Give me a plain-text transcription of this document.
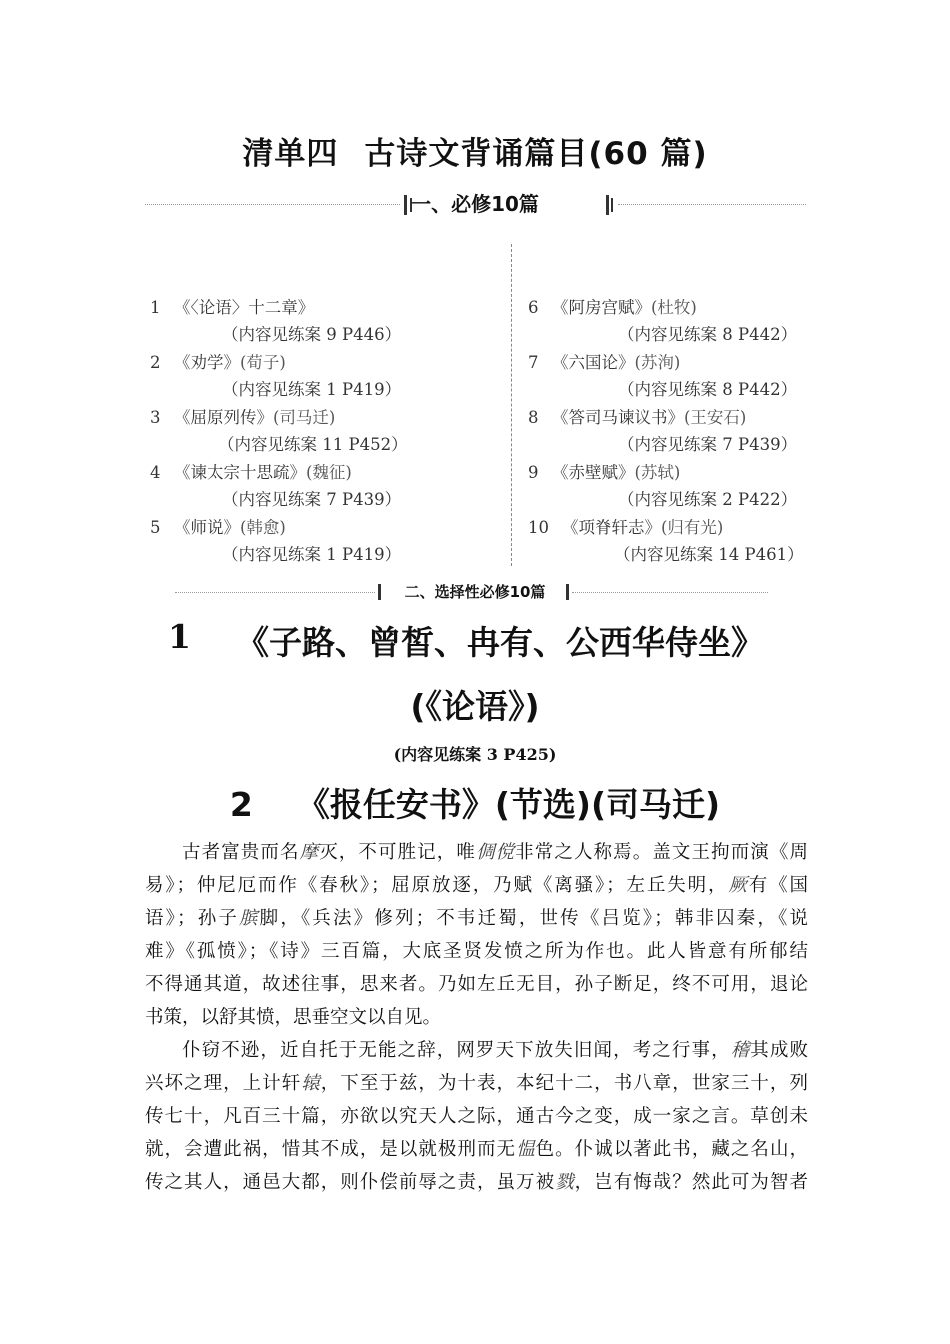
清单四 古诗文背诵篇目(60 篇)
一、必修10篇
1 《〈论语〉十二章》
（内容见练案 9 P446）
2 《劝学》(荀子)
（内容见练案 1 P419）
3 《屈原列传》(司马迁)
（内容见练案 11 P452）
4 《谏太宗十思疏》(魏征)
（内容见练案 7 P439）
5 《师说》(韩愈)
（内容见练案 1 P419）
6 《阿房宫赋》(杜牧)
（内容见练案 8 P442）
7 《六国论》(苏洵)
（内容见练案 8 P442）
8 《答司马谏议书》(王安石)
（内容见练案 7 P439）
9 《赤壁赋》(苏轼)
（内容见练案 2 P422）
10 《项脊轩志》(归有光)
（内容见练案 14 P461）
二、选择性必修10篇
1	《子路、曾皙、冉有、公西华侍坐》
(《论语》)
(内容见练案 3 P425)
2 《报任安书》(节选)(司马迁)
古者富贵而名摩灭，不可胜记，唯倜傥非常之人称焉。盖文王拘而演《周
易》；仲尼厄而作《春秋》；屈原放逐，乃赋《离骚》；左丘失明，厥有《国
语》；孙子膑脚，《兵法》修列；不韦迁蜀，世传《吕览》；韩非囚秦，《说
难》《孤愤》；《诗》三百篇，大底圣贤发愤之所为作也。此人皆意有所郁结
不得通其道，故述往事，思来者。乃如左丘无目，孙子断足，终不可用，退论
书策，以舒其愤，思垂空文以自见。
仆窃不逊，近自托于无能之辞，网罗天下放失旧闻，考之行事，稽其成败
兴坏之理，上计轩辕，下至于兹，为十表，本纪十二，书八章，世家三十，列
传七十，凡百三十篇，亦欲以究天人之际，通古今之变，成一家之言。草创未
就，会遭此祸，惜其不成，是以就极刑而无愠色。仆诚以著此书，藏之名山，
传之其人，通邑大都，则仆偿前辱之责，虽万被戮，岂有悔哉？然此可为智者
